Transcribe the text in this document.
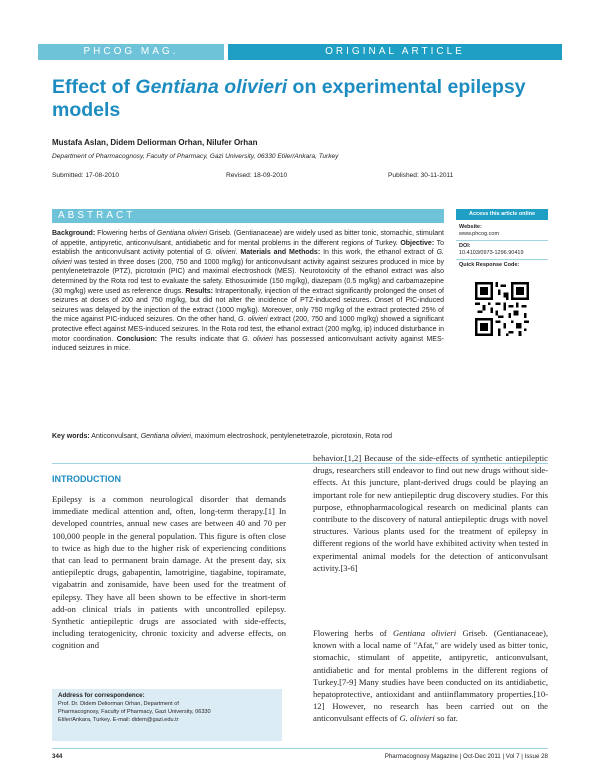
PHCOG MAG.	ORIGINAL ARTICLE
Effect of Gentiana olivieri on experimental epilepsy models
Mustafa Aslan, Didem Deliorman Orhan, Nilufer Orhan
Department of Pharmacognosy, Faculty of Pharmacy, Gazi University, 06330 Etiler/Ankara, Turkey
Submitted: 17-08-2010	Revised: 18-09-2010	Published: 30-11-2011
ABSTRACT
Background: Flowering herbs of Gentiana olivieri Griseb. (Gentianaceae) are widely used as bitter tonic, stomachic, stimulant of appetite, antipyretic, anticonvulsant, antidiabetic and for mental problems in the different regions of Turkey. Objective: To establish the anticonvulsant activity potential of G. olivieri. Materials and Methods: In this work, the ethanol extract of G. olivieri was tested in three doses (200, 750 and 1000 mg/kg) for anticonvulsant activity against seizures produced in mice by pentylenetetrazole (PTZ), picrotoxin (PIC) and maximal electroshock (MES). Neurotoxicity of the ethanol extract was also determined by the Rota rod test to evaluate the safety. Ethosuximide (150 mg/kg), diazepam (0.5 mg/kg) and carbamazepine (30 mg/kg) were used as reference drugs. Results: Intraperitonally, injection of the extract significantly prolonged the onset of seizures at doses of 200 and 750 mg/kg, but did not alter the incidence of PTZ-induced seizures. Onset of PIC-induced seizures was delayed by the injection of the extract (1000 mg/kg). Moreover, only 750 mg/kg of the extract protected 25% of the mice against PIC-induced seizures. On the other hand, G. olivieri extract (200, 750 and 1000 mg/kg) showed a significant protective effect against MES-induced seizures. In the Rota rod test, the ethanol extract (200 mg/kg, ip) induced disturbance in motor coordination. Conclusion: The results indicate that G. olivieri has possessed anticonvulsant activity against MES-induced seizures in mice.
Key words: Anticonvulsant, Gentiana olivieri, maximum electroshock, pentylenetetrazole, picrotoxin, Rota rod
Access this article online
Website:
www.phcog.com
DOI:
10.4103/0973-1296.90419
Quick Response Code:
INTRODUCTION
Epilepsy is a common neurological disorder that demands immediate medical attention and, often, long-term therapy.[1] In developed countries, annual new cases are between 40 and 70 per 100,000 people in the general population. This figure is often close to twice as high due to the higher risk of experiencing conditions that can lead to permanent brain damage. At the present day, six antiepileptic drugs, gabapentin, lamotrigine, tiagabine, topiramate, vigabatrin and zonisamide, have been used for the treatment of epilepsy. They have all been shown to be effective in short-term add-on clinical trials in patients with uncontrolled epilepsy. Synthetic antiepileptic drugs are associated with side-effects, including teratogenicity, chronic toxicity and adverse effects, on cognition and
behavior.[1,2] Because of the side-effects of synthetic antiepileptic drugs, researchers still endeavor to find out new drugs without side-effects. At this juncture, plant-derived drugs could be playing an important role for new antiepileptic drug discovery studies. For this purpose, ethnopharmacological research on medicinal plants can contribute to the discovery of natural antiepileptic drugs with novel structures. Various plants used for the treatment of epilepsy in different regions of the world have exhibited activity when tested in experimental animal models for the detection of anticonvulsant activity.[3-6]
Flowering herbs of Gentiana olivieri Griseb. (Gentianaceae), known with a local name of "Afat," are widely used as bitter tonic, stomachic, stimulant of appetite, antipyretic, anticonvulsant, antidiabetic and for mental problems in the different regions of Turkey.[7-9] Many studies have been conducted on its antidiabetic, hepatoprotective, antioxidant and antiinflammatory properties.[10-12] However, no research has been carried out on the anticonvulsant effects of G. olivieri so far.
Address for correspondence:
Prof. Dr. Didem Deliorman Orhan, Department of
Pharmacognosy, Faculty of Pharmacy, Gazi University, 06330
Etiler/Ankara, Turkey. E-mail: didem@gazi.edu.tr
344	Pharmacognosy Magazine | Oct-Dec 2011 | Vol 7 | Issue 28
